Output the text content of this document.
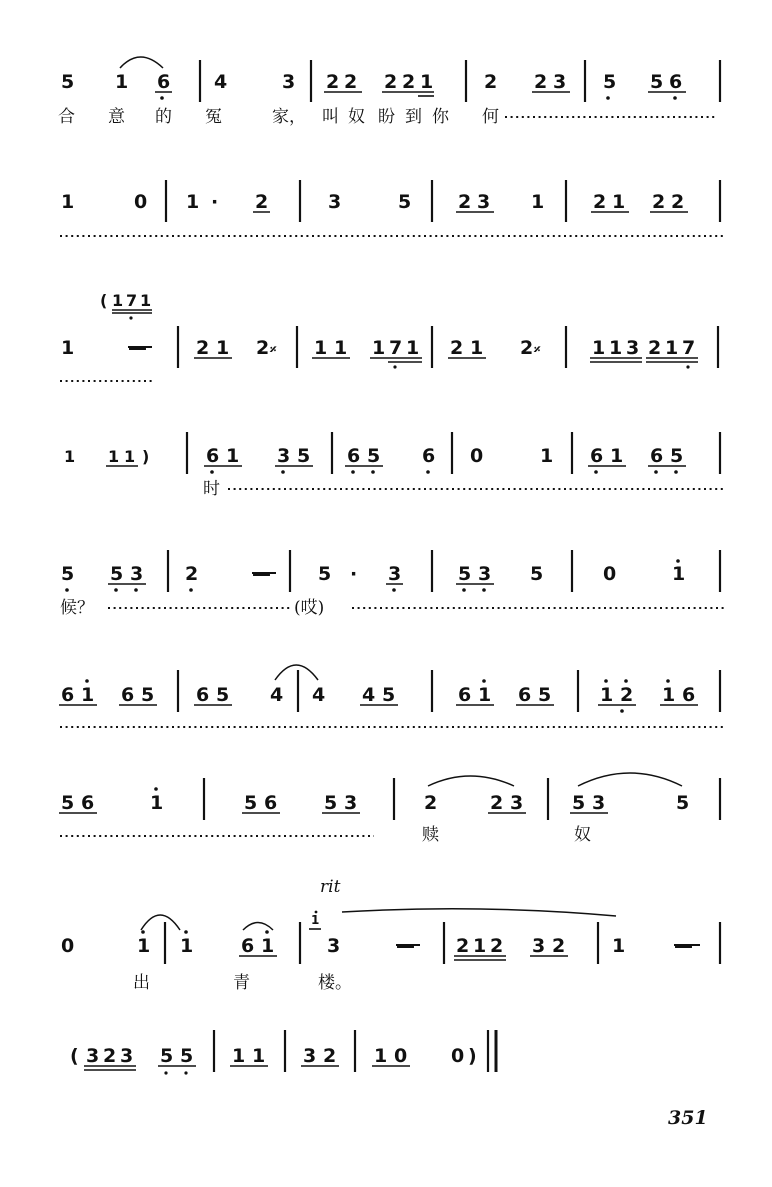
5 1 6 4	3 2 2 2 2 1	2 2 3 5 5 6
合 意 的 冤	家， 叫 奴 盼 到 你 何
1	0 1 · 2	3	5 2 3 1	2 1 2 2
( 1 7 1
1	—	2 1 2 𝄎 1 1 1 7 1 2 1 2 𝄎	1 1 3 2 1 7
1 1 1 )	6 1 3 5 6 5 6 0	1 6 1 6 5
时
5 5 3 2	— 5 · 3	5 3 5	0	1
候？	(哎)
6 1 6 5 6 5 4 4 4 5	6 1 6 5	1 2 1 6
5 6	1	5 6 5 3	2	2 3	5 3	5
赎	奴
rit
0	1 1	6 1
1
3	— 2 1 2 3 2 1	—
出	青	楼。
( 3 2 3 5 5 1 1 3 2 1 0 0 )
351
